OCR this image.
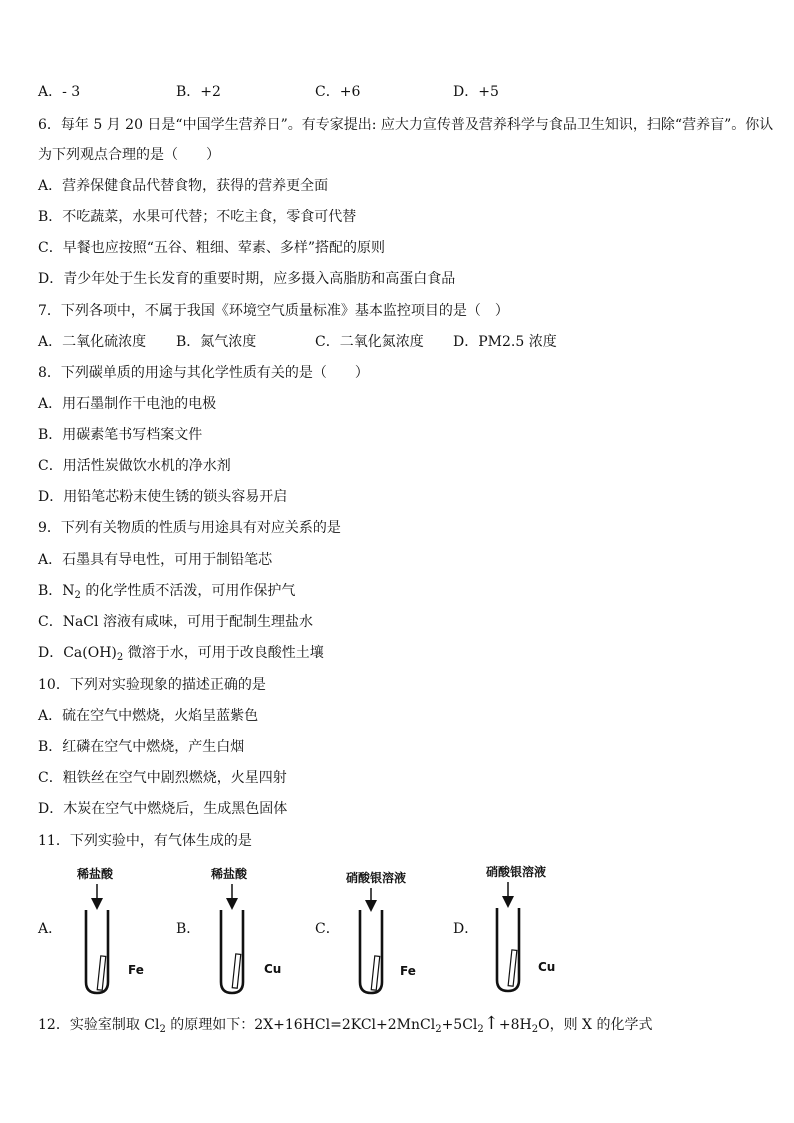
A．- 3	B．+2	C．+6	D．+5
6．每年 5 月 20 日是“中国学生营养日”。有专家提出: 应大力宣传普及营养科学与食品卫生知识，扫除“营养盲”。你认
为下列观点合理的是（　　）
A．营养保健食品代替食物，获得的营养更全面
B．不吃蔬菜，水果可代替；不吃主食，零食可代替
C．早餐也应按照“五谷、粗细、荤素、多样”搭配的原则
D．青少年处于生长发育的重要时期，应多摄入高脂肪和高蛋白食品
7．下列各项中，不属于我国《环境空气质量标准》基本监控项目的是（　）
A．二氧化硫浓度 B．氮气浓度	C．二氧化氮浓度 D．PM2.5 浓度
8．下列碳单质的用途与其化学性质有关的是（　　）
A．用石墨制作干电池的电极
B．用碳素笔书写档案文件
C．用活性炭做饮水机的净水剂
D．用铅笔芯粉末使生锈的锁头容易开启
9．下列有关物质的性质与用途具有对应关系的是
A．石墨具有导电性，可用于制铅笔芯
B．$N_2$ 的化学性质不活泼，可用作保护气
C．NaCl 溶液有咸味，可用于配制生理盐水
D．$Ca(OH)_2$ 微溶于水，可用于改良酸性土壤
10．下列对实验现象的描述正确的是
A．硫在空气中燃烧，火焰呈蓝紫色
B．红磷在空气中燃烧，产生白烟
C．粗铁丝在空气中剧烈燃烧，火星四射
D．木炭在空气中燃烧后，生成黑色固体
11．下列实验中，有气体生成的是
A．	B．	C．	D．
稀盐酸
Fe
稀盐酸
Cu
硝酸银溶液
Fe
硝酸银溶液
Cu
12．实验室制取 $Cl_2$ 的原理如下：$2X+16HCl=2KCl+2MnCl_2+5Cl_2↑+8H_2O$，则 X 的化学式
